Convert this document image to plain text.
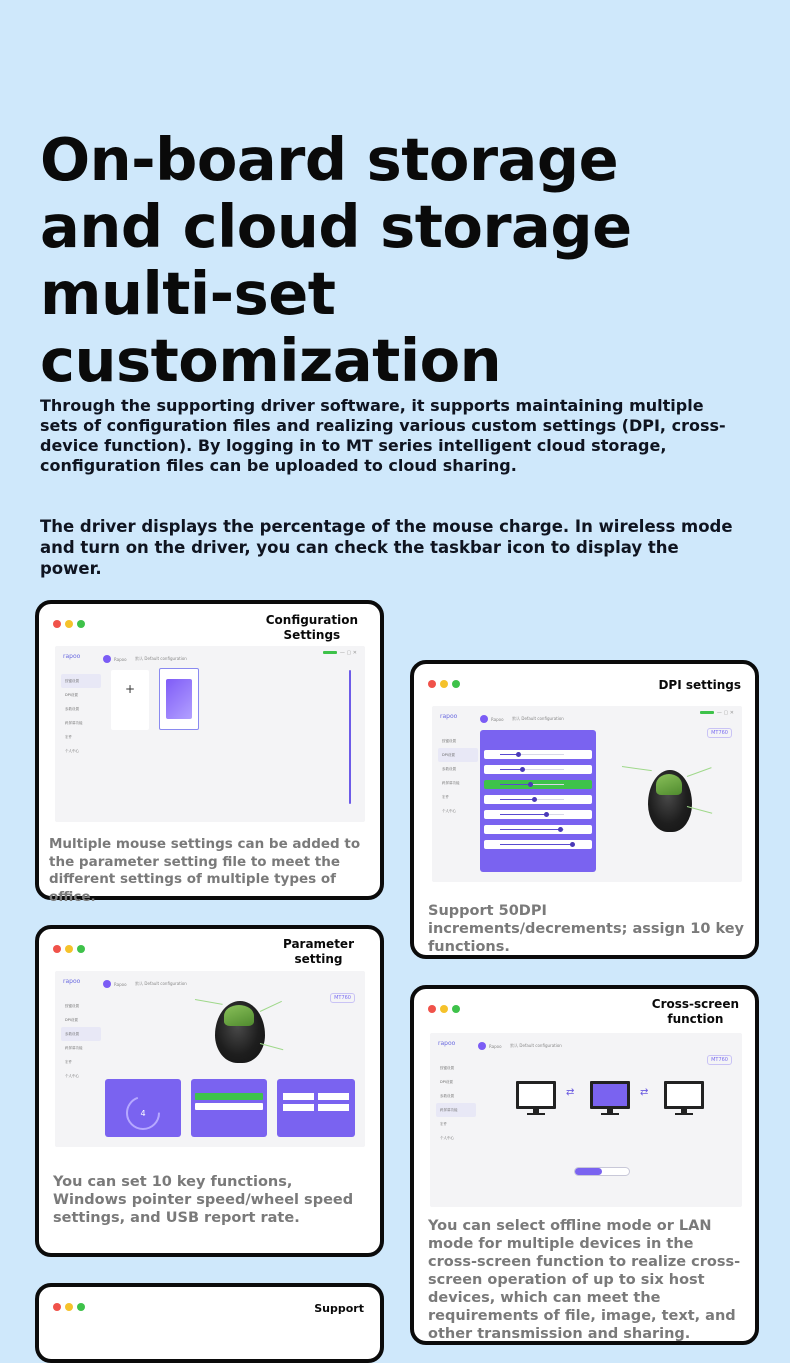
On-board storage and cloud storage multi-set customization

Through the supporting driver software, it supports maintaining multiple sets of configuration files and realizing various custom settings (DPI, cross-device function). By logging in to MT series intelligent cloud storage, configuration files can be uploaded to cloud sharing.

The driver displays the percentage of the mouse charge. In wireless mode and turn on the driver, you can check the taskbar icon to display the power.

Configuration
Settings
rapoo	Rapoo
默认 Default configuration
— ▢ ✕
按键设置
DPI设置
参数设置
跨屏幕功能
宏件
个人中心
+
Multiple mouse settings can be added to the parameter setting file to meet the different settings of multiple types of office.
DPI settings
rapoo	Rapoo
默认 Default configuration
— ▢ ✕
MT760
按键设置
DPI设置
参数设置
跨屏幕功能
宏件
个人中心
Support 50DPI increments/decrements; assign 10 key functions.
Parameter
setting
rapoo	Rapoo
默认 Default configuration
MT760
按键设置
DPI设置
参数设置
跨屏幕功能
宏件
个人中心
4
You can set 10 key functions, Windows pointer speed/wheel speed settings, and USB report rate.
Cross-screen
function
rapoo	Rapoo
默认 Default configuration
MT760
按键设置
DPI设置
参数设置
跨屏幕功能
宏件
个人中心
⇄	⇄
You can select offline mode or LAN mode for multiple devices in the cross-screen function to realize cross-screen operation of up to six host devices, which can meet the requirements of file, image, text, and other transmission and sharing.
Support
